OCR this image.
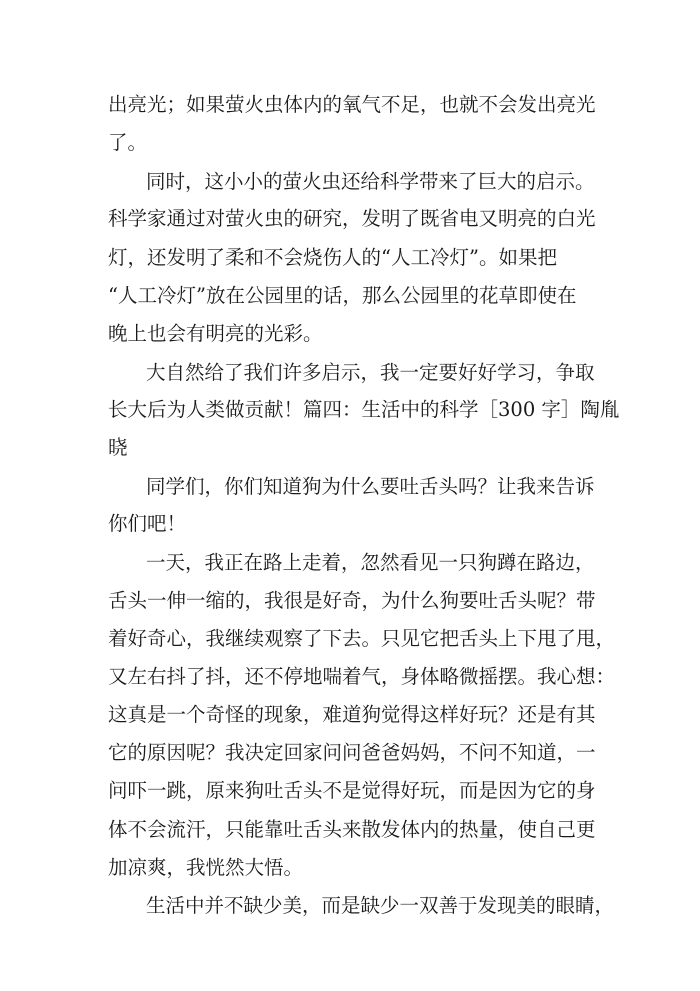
出亮光；如果萤火虫体内的氧气不足，也就不会发出亮光
了。
同时，这小小的萤火虫还给科学带来了巨大的启示。
科学家通过对萤火虫的研究，发明了既省电又明亮的白光
灯，还发明了柔和不会烧伤人的“人工冷灯”。如果把
“人工冷灯”放在公园里的话，那么公园里的花草即使在
晚上也会有明亮的光彩。
大自然给了我们许多启示，我一定要好好学习，争取
长大后为人类做贡献！篇四：生活中的科学［300 字］陶胤
晓
同学们，你们知道狗为什么要吐舌头吗？让我来告诉
你们吧！
一天，我正在路上走着，忽然看见一只狗蹲在路边，
舌头一伸一缩的，我很是好奇，为什么狗要吐舌头呢？带
着好奇心，我继续观察了下去。只见它把舌头上下甩了甩，
又左右抖了抖，还不停地喘着气，身体略微摇摆。我心想：
这真是一个奇怪的现象，难道狗觉得这样好玩？还是有其
它的原因呢？我决定回家问问爸爸妈妈，不问不知道，一
问吓一跳，原来狗吐舌头不是觉得好玩，而是因为它的身
体不会流汗，只能靠吐舌头来散发体内的热量，使自己更
加凉爽，我恍然大悟。
生活中并不缺少美，而是缺少一双善于发现美的眼睛，
